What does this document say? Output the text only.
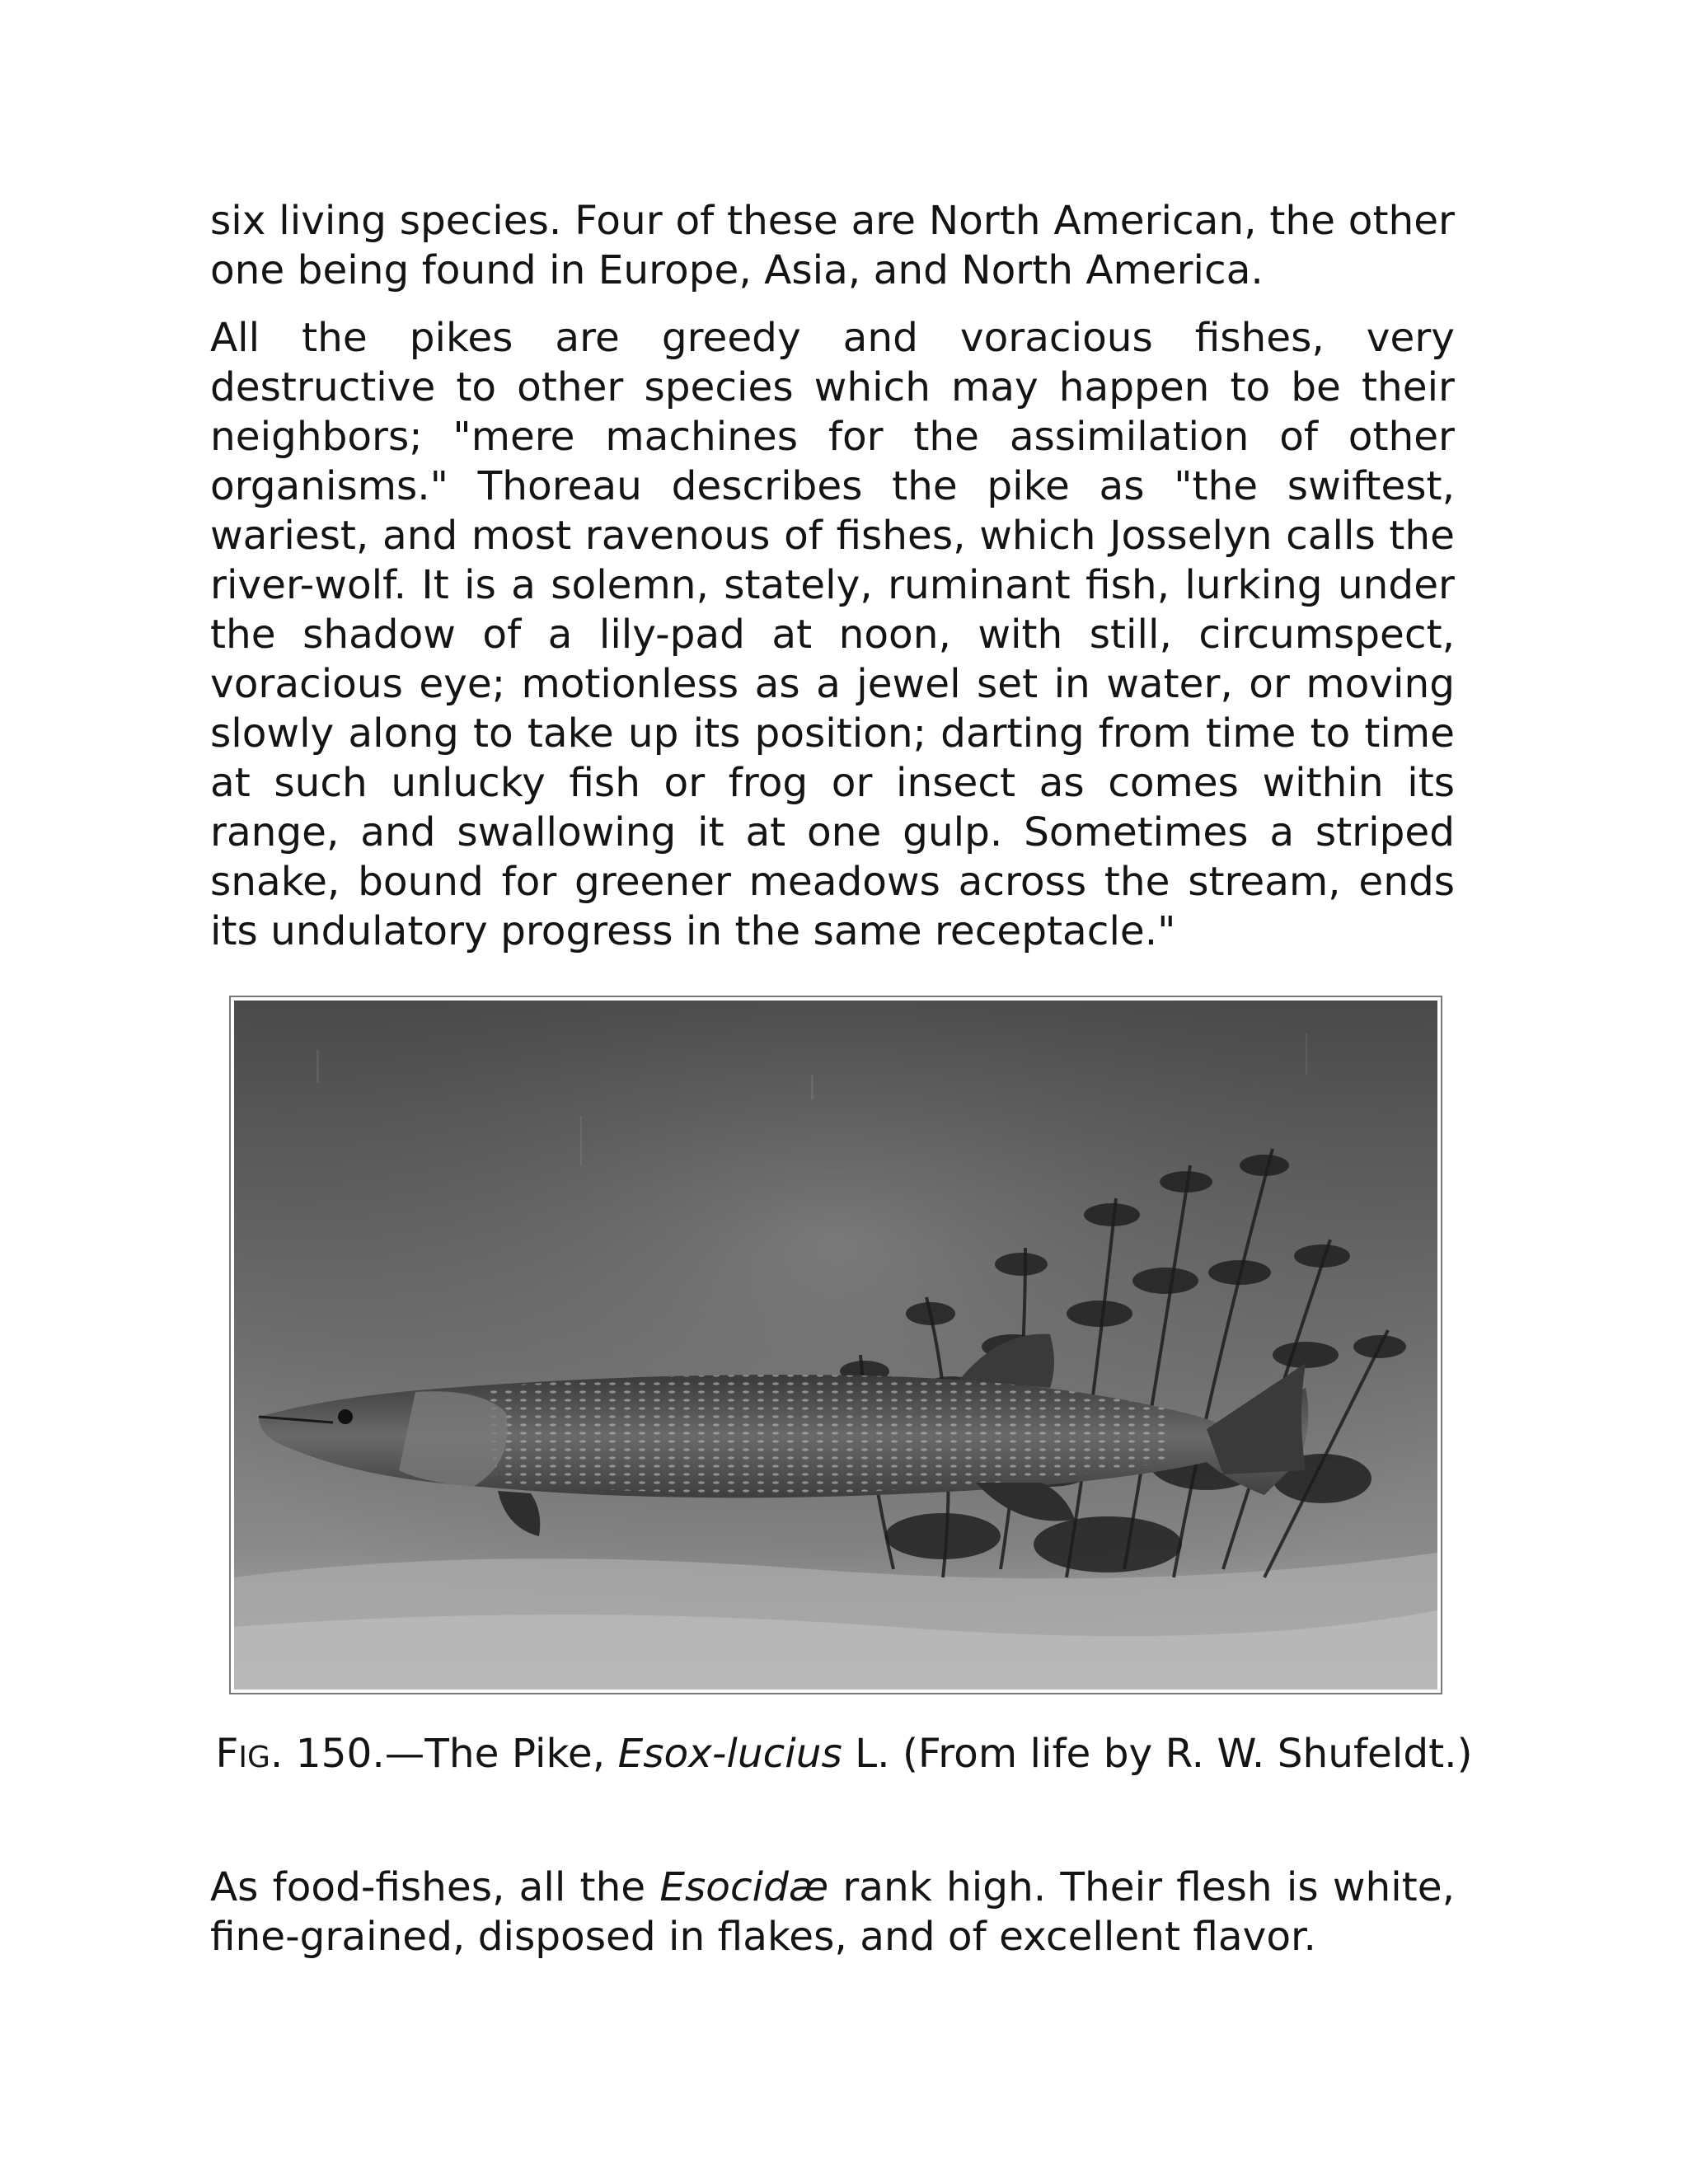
six living species. Four of these are North American, the other one being found in Europe, Asia, and North America.

All the pikes are greedy and voracious fishes, very destructive to other species which may happen to be their neighbors; "mere machines for the assimilation of other organisms." Thoreau describes the pike as "the swiftest, wariest, and most ravenous of fishes, which Josselyn calls the river-wolf. It is a solemn, stately, ruminant fish, lurking under the shadow of a lily-pad at noon, with still, circumspect, voracious eye; motionless as a jewel set in water, or moving slowly along to take up its position; darting from time to time at such unlucky fish or frog or insect as comes within its range, and swallowing it at one gulp. Sometimes a striped snake, bound for greener meadows across the stream, ends its undulatory progress in the same receptacle."

FIG. 150.—The Pike, Esox-lucius L. (From life by R. W. Shufeldt.)

As food-fishes, all the Esocidæ rank high. Their flesh is white, fine-grained, disposed in flakes, and of excellent flavor.
